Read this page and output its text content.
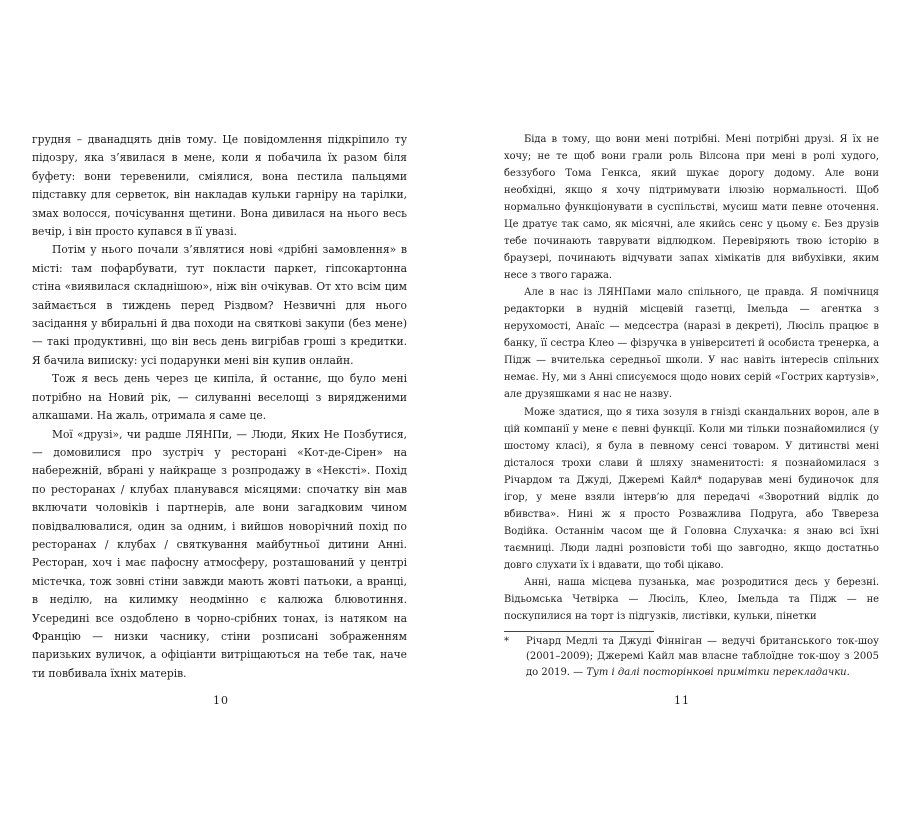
грудня – дванадцять днів тому. Це повідомлення підкріпило ту підозру, яка з’явилася в мене, коли я побачила їх разом біля буфету: вони теревенили, сміялися, вона пестила пальцями підставку для серветок, він накладав кульки гарніру на тарілки, змах волосся, почісування щетини. Вона дивилася на нього весь вечір, і він просто купався в її увазі.

Потім у нього почали з’являтися нові «дрібні замовлення» в місті: там пофарбувати, тут покласти паркет, гіпсокартонна стіна «виявилася складнішою», ніж він очікував. От хто всім цим займається в тиждень перед Різдвом? Незвичні для нього засідання у вбиральні й два походи на святкові закупи (без мене) — такі продуктивні, що він весь день вигрібав гроші з кредитки. Я бачила виписку: усі подарунки мені він купив онлайн.

Тож я весь день через це кипіла, й останнє, що було мені потрібно на Новий рік, — силуванні веселощі з вирядженими алкашами. На жаль, отримала я саме це.

Мої «друзі», чи радше ЛЯНПи, — Люди, Яких Не Позбутися, — домовилися про зустріч у ресторані «Кот-де-Сірен» на набережній, вбрані у найкраще з розпродажу в «Нексті». Похід по ресторанах / клубах планувався місяцями: спочатку він мав включати чоловіків і партнерів, але вони загадковим чином повідвалювалися, один за одним, і вийшов новорічний похід по ресторанах / клубах / святкування майбутньої дитини Анні. Ресторан, хоч і має пафосну атмосферу, розташований у центрі містечка, тож зовні стіни завжди мають жовті патьоки, а вранці, в неділю, на килимку неодмінно є калюжа блювотиння. Усередині все оздоблено в чорно-срібних тонах, із натяком на Францію — низки часнику, стіни розписані зображенням паризьких вуличок, а офіціанти витріщаються на тебе так, наче ти повбивала їхніх матерів.

10

Біда в тому, що вони мені потрібні. Мені потрібні друзі. Я їх не хочу; не те щоб вони грали роль Вілсона при мені в ролі худого, беззубого Тома Генкса, який шукає дорогу додому. Але вони необхідні, якщо я хочу підтримувати ілюзію нормальності. Щоб нормально функціонувати в суспільстві, мусиш мати певне оточення. Це дратує так само, як місячні, але якийсь сенс у цьому є. Без друзів тебе починають таврувати відлюдком. Перевіряють твою історію в браузері, починають відчувати запах хімікатів для вибухівки, яким несе з твого гаража.

Але в нас із ЛЯНПами мало спільного, це правда. Я помічниця редакторки в нудній місцевій газетці, Імельда — агентка з нерухомості, Анаїс — медсестра (наразі в декреті), Люсіль працює в банку, її сестра Клео — фізручка в університеті й особиста тренерка, а Підж — вчителька середньої школи. У нас навіть інтересів спільних немає. Ну, ми з Анні списуємося щодо нових серій «Гострих картузів», але друзяшками я нас не назву.

Може здатися, що я тиха зозуля в гнізді скандальних ворон, але в цій компанії у мене є певні функції. Коли ми тільки познайомилися (у шостому класі), я була в певному сенсі товаром. У дитинстві мені дісталося трохи слави й шляху знаменитості: я познайомилася з Річардом та Джуді, Джеремі Кайл* подарував мені будиночок для ігор, у мене взяли інтерв’ю для передачі «Зворотний відлік до вбивства». Нині ж я просто Розважлива Подруга, або Тввереза Водійка. Останнім часом ще й Головна Слухачка: я знаю всі їхні таємниці. Люди ладні розповісти тобі що завгодно, якщо достатньо довго слухати їх і вдавати, що тобі цікаво.

Анні, наша місцева пузанька, має розродитися десь у березні. Відьомська Четвірка — Люсіль, Клео, Імельда та Підж — не поскупилися на торт із підгузків, листівки, кульки, пінетки

*	Річард Медлі та Джуді Фінніган — ведучі британського ток-шоу (2001–2009); Джеремі Кайл мав власне таблоїдне ток-шоу з 2005 до 2019. — Тут і далі посторінкові примітки перекладачки.
11
